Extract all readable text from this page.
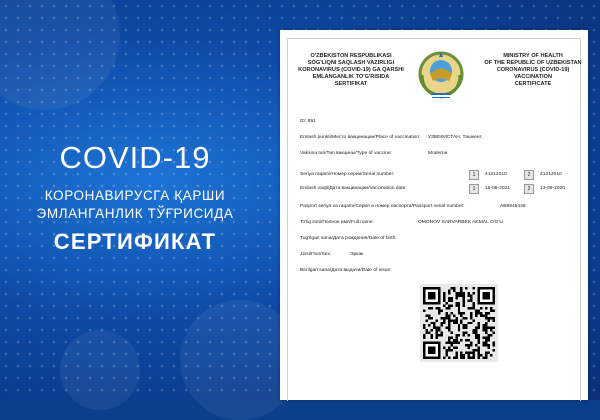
COVID-19
КОРОНАВИРУСГА ҚАРШИ
ЭМЛАНГАНЛИК ТЎҒРИСИДА
СЕРТИФИКАТ
O'ZBEKISTON RESPUBLIKASI
SOG'LIQNI SAQLASH VAZIRLIGI
KORONAVIRUS (COVID-19) GA QARSHI
EMLANGANLIK TO'G'RISIDA
SERTIFIKAT
MINISTRY OF HEALTH
OF THE REPUBLIC OF UZBEKISTAN
CORONAVIRUS (COVID-19)
VACCINATION
CERTIFICATE
ID: 891
Emlash punkti/Место вакцинации/Place of vaccination: УЗБЕКИСТАН, Ташкент,
Vaksina turi/Тип вакцины/Type of vaccine:	Moderna
Seriya raqami/Номер серии/Serial number:	1	41212010	2	41212010
Emlash vaqti/Дата вакцинации/Vaccination date:	1	15-08-2021	2	13-09-2020
Pasport seriya va raqami/Серия и номер паспорта/Passport serial number:	AB8945448
To'liq ismi/Полное имя/Full name:	OMONOV SARVARBEK AKMAL O'G'LI
Tug'ilgan sana/Дата рождения/Date of birth:
Jinsi/Пол/Sex:	Эркак
Berilgan sana/Дата выдачи/Date of issue:
